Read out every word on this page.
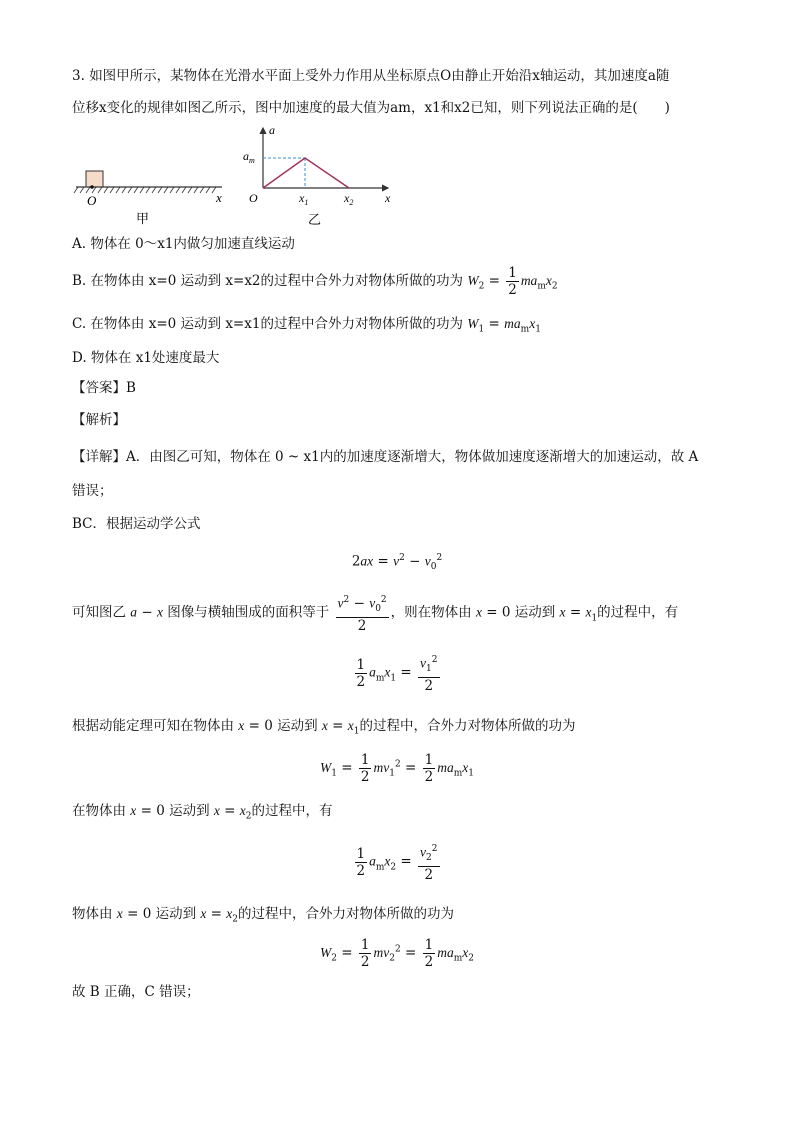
3. 如图甲所示，某物体在光滑水平面上受外力作用从坐标原点O由静止开始沿x轴运动，其加速度a随
位移x变化的规律如图乙所示，图中加速度的最大值为am，x1和x2已知，则下列说法正确的是(　　)
O	x
甲
a
x
$a_m$
O	$x_1$	$x_2$
乙
A. 物体在 0～x1内做匀加速直线运动
B. 在物体由 x=0 运动到 x=x2的过程中合外力对物体所做的功为 $W_2 = \frac{1}{2} ma_mx_2$
C. 在物体由 x=0 运动到 x=x1的过程中合外力对物体所做的功为 $W_1 = ma_mx_1$
D. 物体在 x1处速度最大
【答案】B
【解析】
【详解】A．由图乙可知，物体在 0 ~ x1内的加速度逐渐增大，物体做加速度逐渐增大的加速运动，故 A
错误；
BC．根据运动学公式
$2ax = v^2 - v_0^2$
可知图乙 a − x 图像与横轴围成的面积等于 $\frac{v^2 - v_0^2}{2}$ ，则在物体由 x = 0 运动到 $x = x_1$的过程中，有
$\frac{1}{2} a_mx_1 = \frac{v_1^2}{2}$
根据动能定理可知在物体由 x = 0 运动到 $x = x_1$的过程中，合外力对物体所做的功为
$W_1 = \frac{1}{2} mv_1^2 = \frac{1}{2} ma_mx_1$
在物体由 x = 0 运动到 $x = x_2$的过程中，有
$\frac{1}{2} a_mx_2 = \frac{v_2^2}{2}$
物体由 x = 0 运动到 $x = x_2$的过程中，合外力对物体所做的功为
$W_2 = \frac{1}{2} mv_2^2 = \frac{1}{2} ma_mx_2$
故 B 正确，C 错误；
